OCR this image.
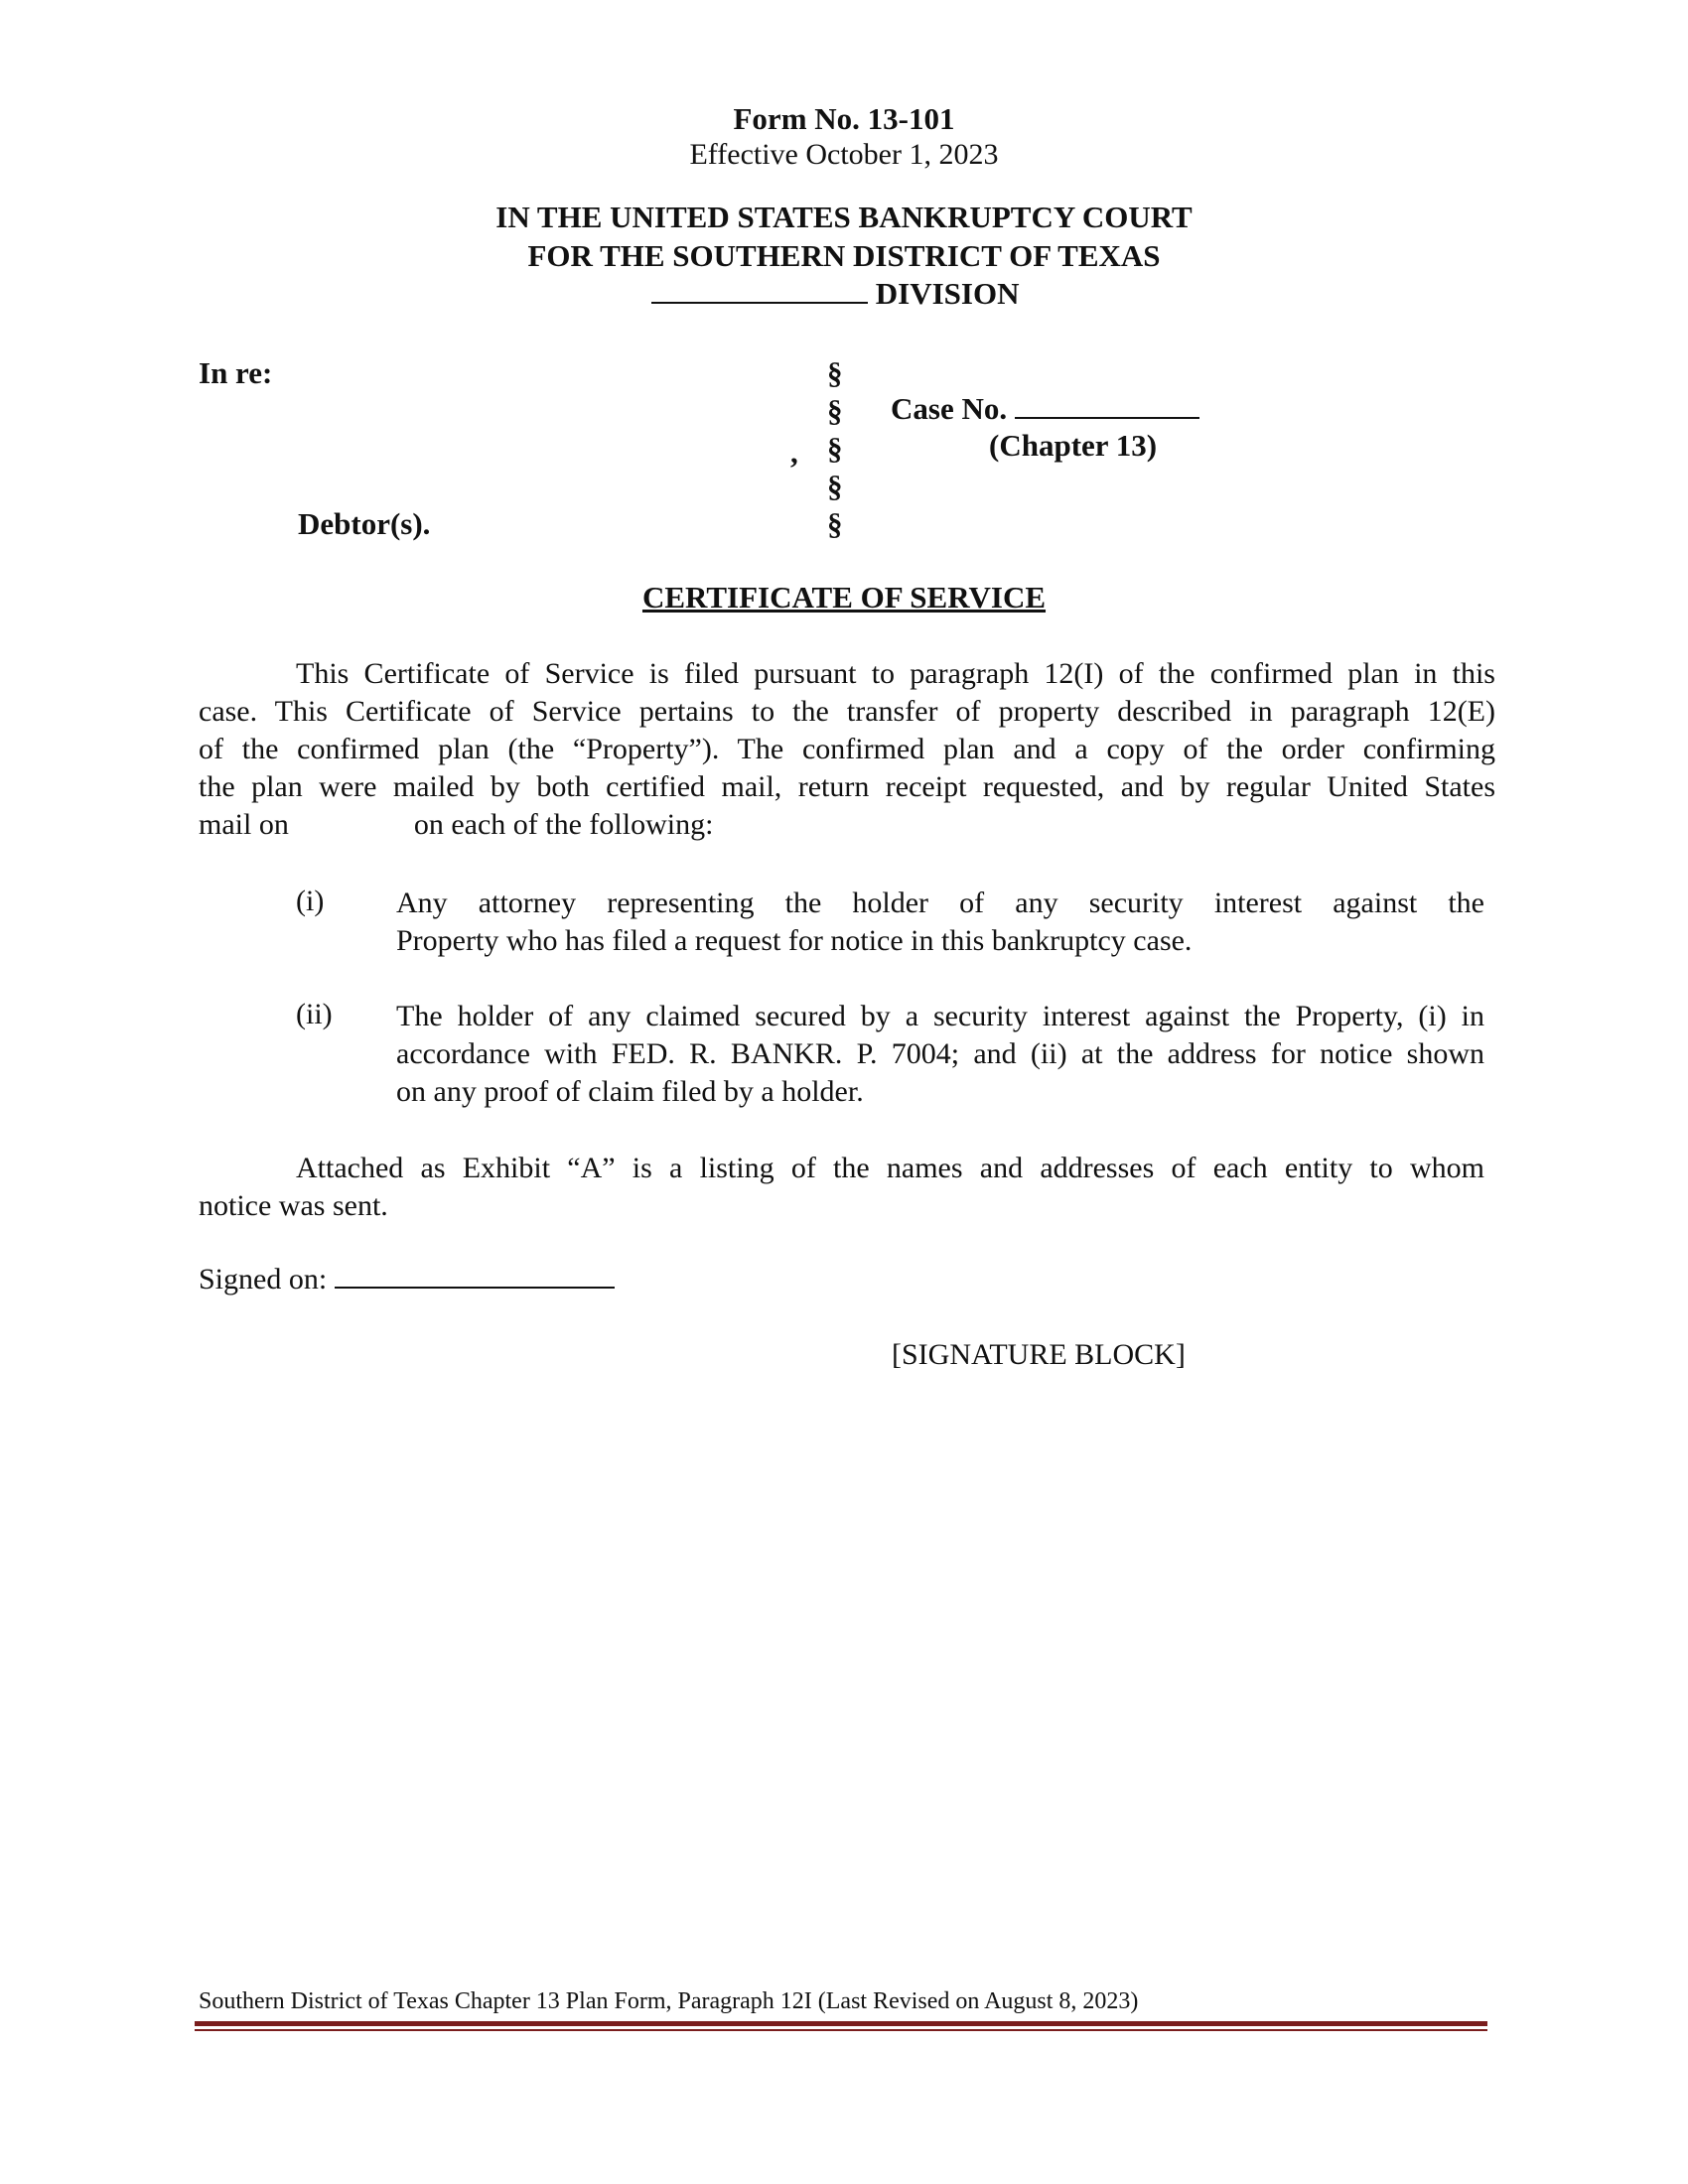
Form No. 13-101
Effective October 1, 2023
IN THE UNITED STATES BANKRUPTCY COURT
FOR THE SOUTHERN DISTRICT OF TEXAS
DIVISION
In re:
,
Debtor(s).
§
§
§
§
§
Case No.
(Chapter 13)
CERTIFICATE OF SERVICE
This Certificate of Service is filed pursuant to paragraph 12(I) of the confirmed plan in this
case. This Certificate of Service pertains to the transfer of property described in paragraph 12(E)
of the confirmed plan (the “Property”). The confirmed plan and a copy of the order confirming
the plan were mailed by both certified mail, return receipt requested, and by regular United States
mail on	on each of the following:
(i) Any attorney representing the holder of any security interest against the
Property who has filed a request for notice in this bankruptcy case.
(ii) The holder of any claimed secured by a security interest against the Property, (i) in
accordance with FED. R. BANKR. P. 7004; and (ii) at the address for notice shown
on any proof of claim filed by a holder.
Attached as Exhibit “A” is a listing of the names and addresses of each entity to whom
notice was sent.
Signed on:
[SIGNATURE BLOCK]
Southern District of Texas Chapter 13 Plan Form, Paragraph 12I (Last Revised on August 8, 2023)
